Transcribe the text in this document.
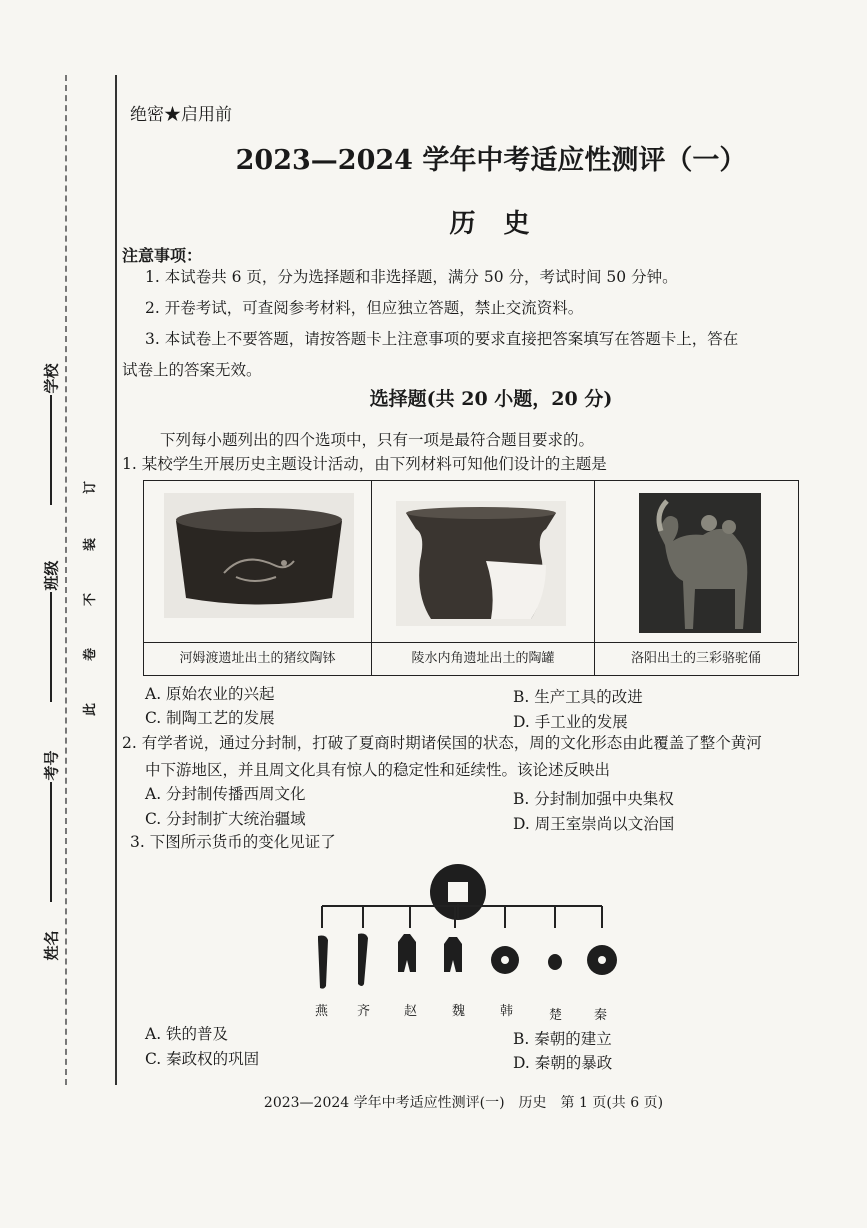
学校
班级
考号
姓名
此
卷
不
装
订
绝密★启用前
2023—2024 学年中考适应性测评（一）
历史
注意事项：
1. 本试卷共 6 页，分为选择题和非选择题，满分 50 分，考试时间 50 分钟。
2. 开卷考试，可查阅参考材料，但应独立答题，禁止交流资料。
3. 本试卷上不要答题，请按答题卡上注意事项的要求直接把答案填写在答题卡上，答在
试卷上的答案无效。
选择题(共 20 小题，20 分)
下列每小题列出的四个选项中，只有一项是最符合题目要求的。
1. 某校学生开展历史主题设计活动，由下列材料可知他们设计的主题是
河姆渡遗址出土的猪纹陶钵	陵水内角遗址出土的陶罐	洛阳出土的三彩骆驼俑
A. 原始农业的兴起	B. 生产工具的改进
C. 制陶工艺的发展	D. 手工业的发展
2. 有学者说，通过分封制，打破了夏商时期诸侯国的状态，周的文化形态由此覆盖了整个黄河
中下游地区，并且周文化具有惊人的稳定性和延续性。该论述反映出
A. 分封制传播西周文化	B. 分封制加强中央集权
C. 分封制扩大统治疆域	D. 周王室崇尚以文治国
3. 下图所示货币的变化见证了
燕 齐	赵	魏	韩	楚 秦
A. 铁的普及	B. 秦朝的建立
C. 秦政权的巩固	D. 秦朝的暴政
2023—2024 学年中考适应性测评(一)　历史　第 1 页(共 6 页)
